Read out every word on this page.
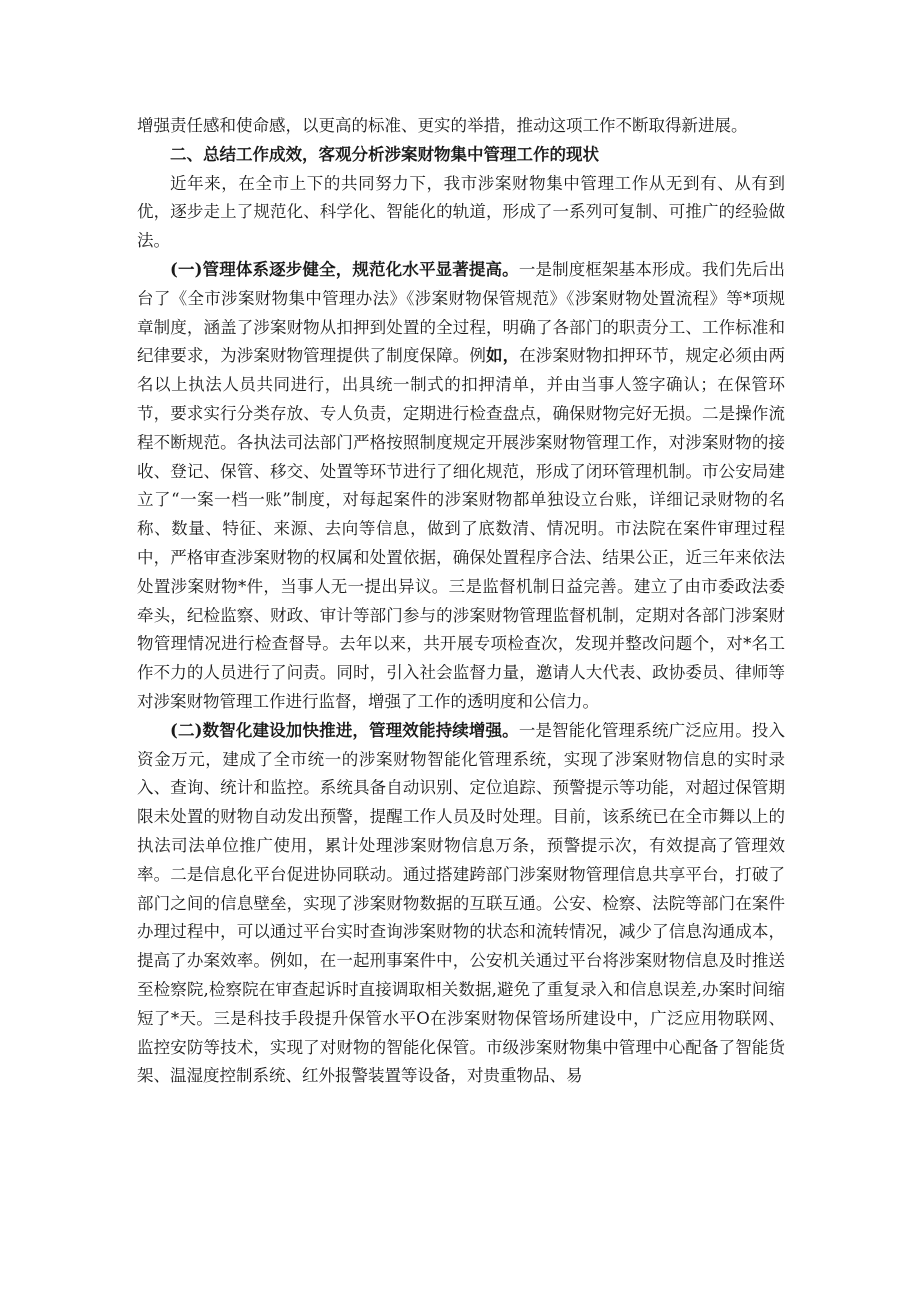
增强责任感和使命感，以更高的标准、更实的举措，推动这项工作不断取得新进展。

二、总结工作成效，客观分析涉案财物集中管理工作的现状

近年来，在全市上下的共同努力下，我市涉案财物集中管理工作从无到有、从有到优，逐步走上了规范化、科学化、智能化的轨道，形成了一系列可复制、可推广的经验做法。

(一)管理体系逐步健全，规范化水平显著提高。一是制度框架基本形成。我们先后出台了《全市涉案财物集中管理办法》《涉案财物保管规范》《涉案财物处置流程》等*项规章制度，涵盖了涉案财物从扣押到处置的全过程，明确了各部门的职责分工、工作标准和纪律要求，为涉案财物管理提供了制度保障。例如，在涉案财物扣押环节，规定必须由两名以上执法人员共同进行，出具统一制式的扣押清单，并由当事人签字确认；在保管环节，要求实行分类存放、专人负责，定期进行检查盘点，确保财物完好无损。二是操作流程不断规范。各执法司法部门严格按照制度规定开展涉案财物管理工作，对涉案财物的接收、登记、保管、移交、处置等环节进行了细化规范，形成了闭环管理机制。市公安局建立了“一案一档一账”制度，对每起案件的涉案财物都单独设立台账，详细记录财物的名称、数量、特征、来源、去向等信息，做到了底数清、情况明。市法院在案件审理过程中，严格审查涉案财物的权属和处置依据，确保处置程序合法、结果公正，近三年来依法处置涉案财物*件，当事人无一提出异议。三是监督机制日益完善。建立了由市委政法委牵头，纪检监察、财政、审计等部门参与的涉案财物管理监督机制，定期对各部门涉案财物管理情况进行检查督导。去年以来，共开展专项检查次，发现并整改问题个，对*名工作不力的人员进行了问责。同时，引入社会监督力量，邀请人大代表、政协委员、律师等对涉案财物管理工作进行监督，增强了工作的透明度和公信力。

(二)数智化建设加快推进，管理效能持续增强。一是智能化管理系统广泛应用。投入资金万元，建成了全市统一的涉案财物智能化管理系统，实现了涉案财物信息的实时录入、查询、统计和监控。系统具备自动识别、定位追踪、预警提示等功能，对超过保管期限未处置的财物自动发出预警，提醒工作人员及时处理。目前，该系统已在全市舞以上的执法司法单位推广使用，累计处理涉案财物信息万条，预警提示次，有效提高了管理效率。二是信息化平台促进协同联动。通过搭建跨部门涉案财物管理信息共享平台，打破了部门之间的信息壁垒，实现了涉案财物数据的互联互通。公安、检察、法院等部门在案件办理过程中，可以通过平台实时查询涉案财物的状态和流转情况，减少了信息沟通成本，提高了办案效率。例如，在一起刑事案件中，公安机关通过平台将涉案财物信息及时推送至检察院,检察院在审查起诉时直接调取相关数据,避免了重复录入和信息误差,办案时间缩短了*天。三是科技手段提升保管水平O在涉案财物保管场所建设中，广泛应用物联网、监控安防等技术，实现了对财物的智能化保管。市级涉案财物集中管理中心配备了智能货架、温湿度控制系统、红外报警装置等设备，对贵重物品、易
